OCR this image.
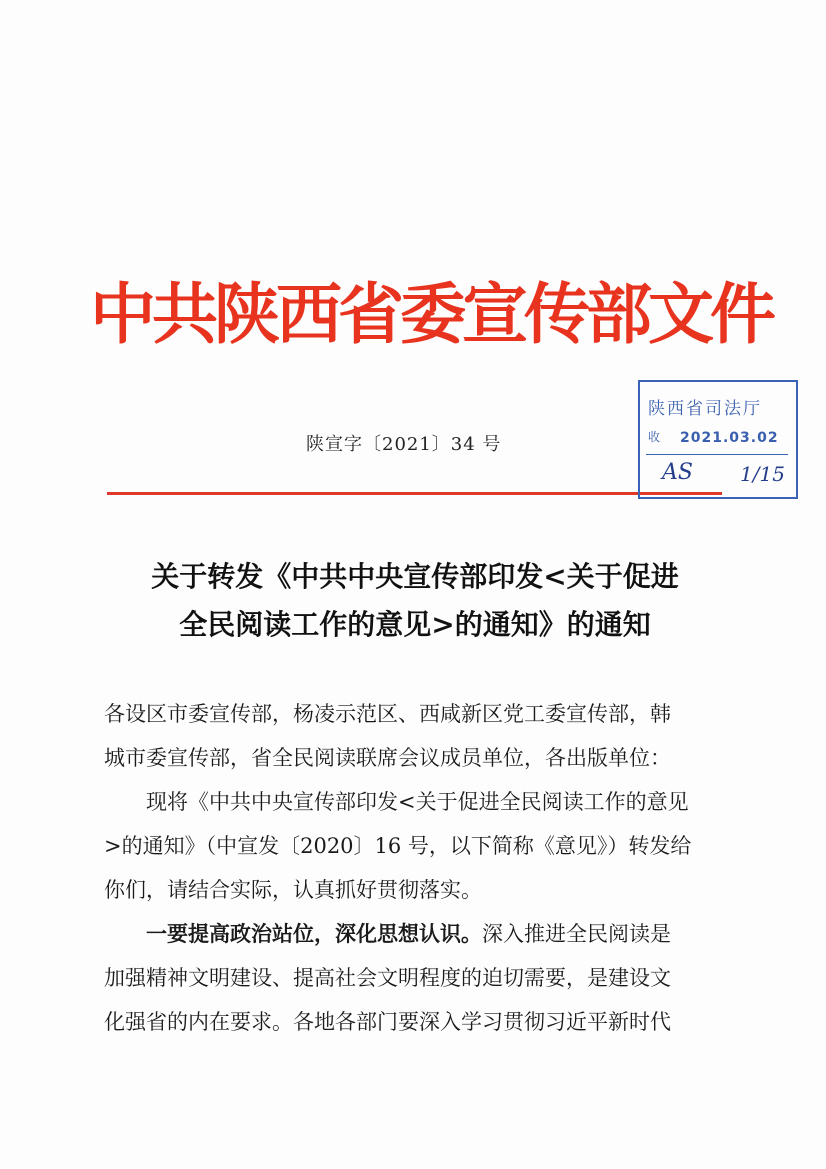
中共陕西省委宣传部文件
陕宣字〔2021〕34 号
陕西省司法厅
收 2021.03.02
AS 1/15
关于转发《中共中央宣传部印发<关于促进
全民阅读工作的意见>的通知》的通知
各设区市委宣传部，杨凌示范区、西咸新区党工委宣传部，韩
城市委宣传部，省全民阅读联席会议成员单位，各出版单位：
现将《中共中央宣传部印发<关于促进全民阅读工作的意见
>的通知》（中宣发〔2020〕16 号，以下简称《意见》）转发给
你们，请结合实际，认真抓好贯彻落实。
一要提高政治站位，深化思想认识。深入推进全民阅读是
加强精神文明建设、提高社会文明程度的迫切需要，是建设文
化强省的内在要求。各地各部门要深入学习贯彻习近平新时代
